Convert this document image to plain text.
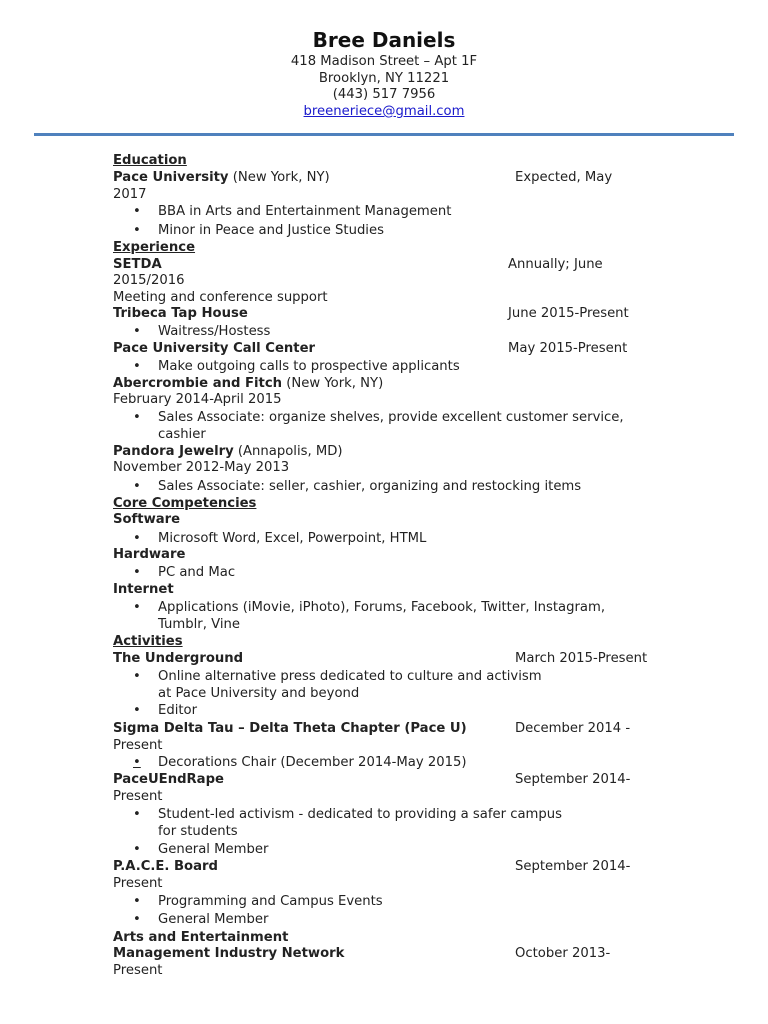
Bree Daniels
418 Madison Street – Apt 1F
Brooklyn, NY 11221
(443) 517 7956
breeneriece@gmail.com
Education
Pace University (New York, NY)	Expected, May
2017
• BBA in Arts and Entertainment Management
• Minor in Peace and Justice Studies
Experience
SETDA	Annually; June
2015/2016
Meeting and conference support
Tribeca Tap House	June 2015-Present
• Waitress/Hostess
Pace University Call Center	May 2015-Present
• Make outgoing calls to prospective applicants
Abercrombie and Fitch (New York, NY)
February 2014-April 2015
• Sales Associate: organize shelves, provide excellent customer service,
cashier
Pandora Jewelry (Annapolis, MD)
November 2012-May 2013
• Sales Associate: seller, cashier, organizing and restocking items
Core Competencies
Software
• Microsoft Word, Excel, Powerpoint, HTML
Hardware
• PC and Mac
Internet
• Applications (iMovie, iPhoto), Forums, Facebook, Twitter, Instagram,
Tumblr, Vine
Activities
The Underground	March 2015-Present
• Online alternative press dedicated to culture and activism
at Pace University and beyond
• Editor
Sigma Delta Tau – Delta Theta Chapter (Pace U)	December 2014 -
Present
• Decorations Chair (December 2014-May 2015)
PaceUEndRape	September 2014-
Present
• Student-led activism - dedicated to providing a safer campus
for students
• General Member
P.A.C.E. Board	September 2014-
Present
• Programming and Campus Events
• General Member
Arts and Entertainment
Management Industry Network	October 2013-
Present
